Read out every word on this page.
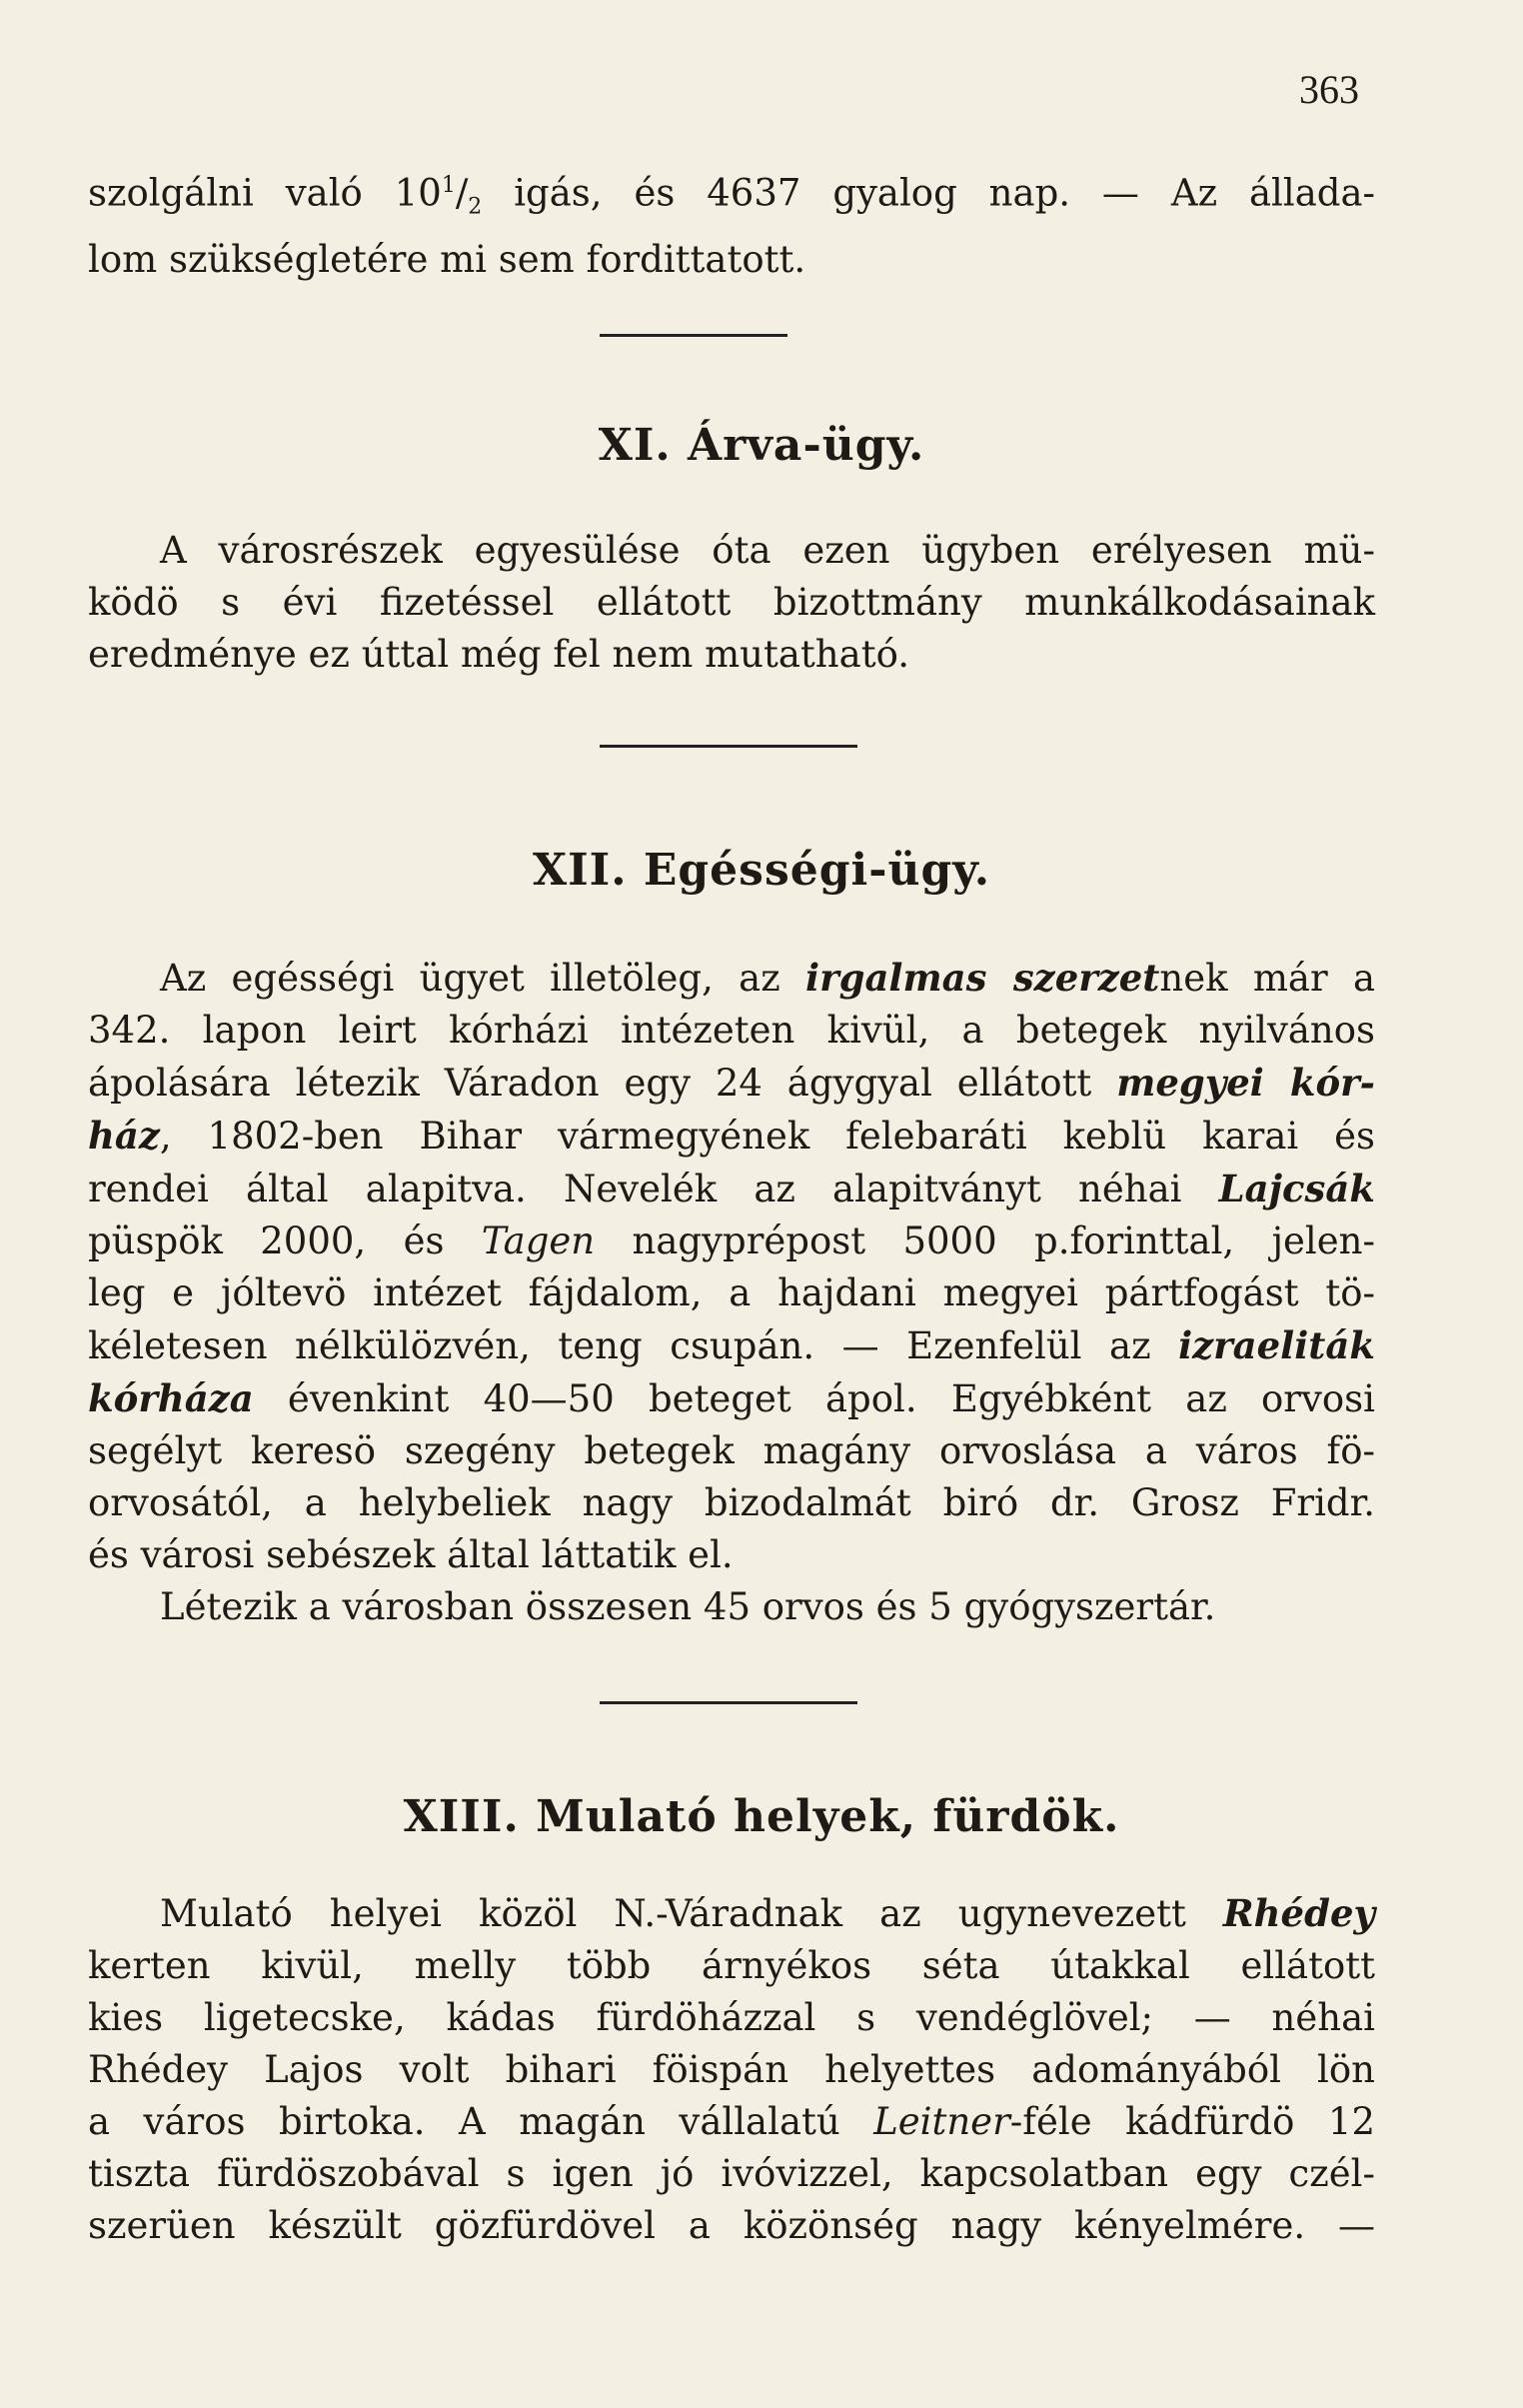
363
szolgálni való $10^1/_2$ igás, és 4637 gyalog nap. — Az állada-
lom szükségletére mi sem fordittatott.
XI. Árva-ügy.
A városrészek egyesülése óta ezen ügyben erélyesen mü-
ködö s évi fizetéssel ellátott bizottmány munkálkodásainak
eredménye ez úttal még fel nem mutatható.
XII. Egésségi-ügy.
Az egésségi ügyet illetöleg, az irgalmas szerzetnek már a
342. lapon leirt kórházi intézeten kivül, a betegek nyilvános
ápolására létezik Váradon egy 24 ágygyal ellátott megyei kór-
ház, 1802-ben Bihar vármegyének felebaráti keblü karai és
rendei által alapitva. Nevelék az alapitványt néhai Lajcsák
püspök 2000, és Tagen nagyprépost 5000 p.forinttal, jelen-
leg e jóltevö intézet fájdalom, a hajdani megyei pártfogást tö-
kéletesen nélkülözvén, teng csupán. — Ezenfelül az izraeliták
kórháza évenkint 40—50 beteget ápol. Egyébként az orvosi
segélyt keresö szegény betegek magány orvoslása a város fö-
orvosától, a helybeliek nagy bizodalmát biró dr. Grosz Fridr.
és városi sebészek által láttatik el.
Létezik a városban összesen 45 orvos és 5 gyógyszertár.
XIII. Mulató helyek, fürdök.
Mulató helyei közöl N.-Váradnak az ugynevezett Rhédey
kerten kivül, melly több árnyékos séta útakkal ellátott
kies ligetecske, kádas fürdöházzal s vendéglövel; — néhai
Rhédey Lajos volt bihari föispán helyettes adományából lön
a város birtoka. A magán vállalatú Leitner-féle kádfürdö 12
tiszta fürdöszobával s igen jó ivóvizzel, kapcsolatban egy czél-
szerüen készült gözfürdövel a közönség nagy kényelmére. —
